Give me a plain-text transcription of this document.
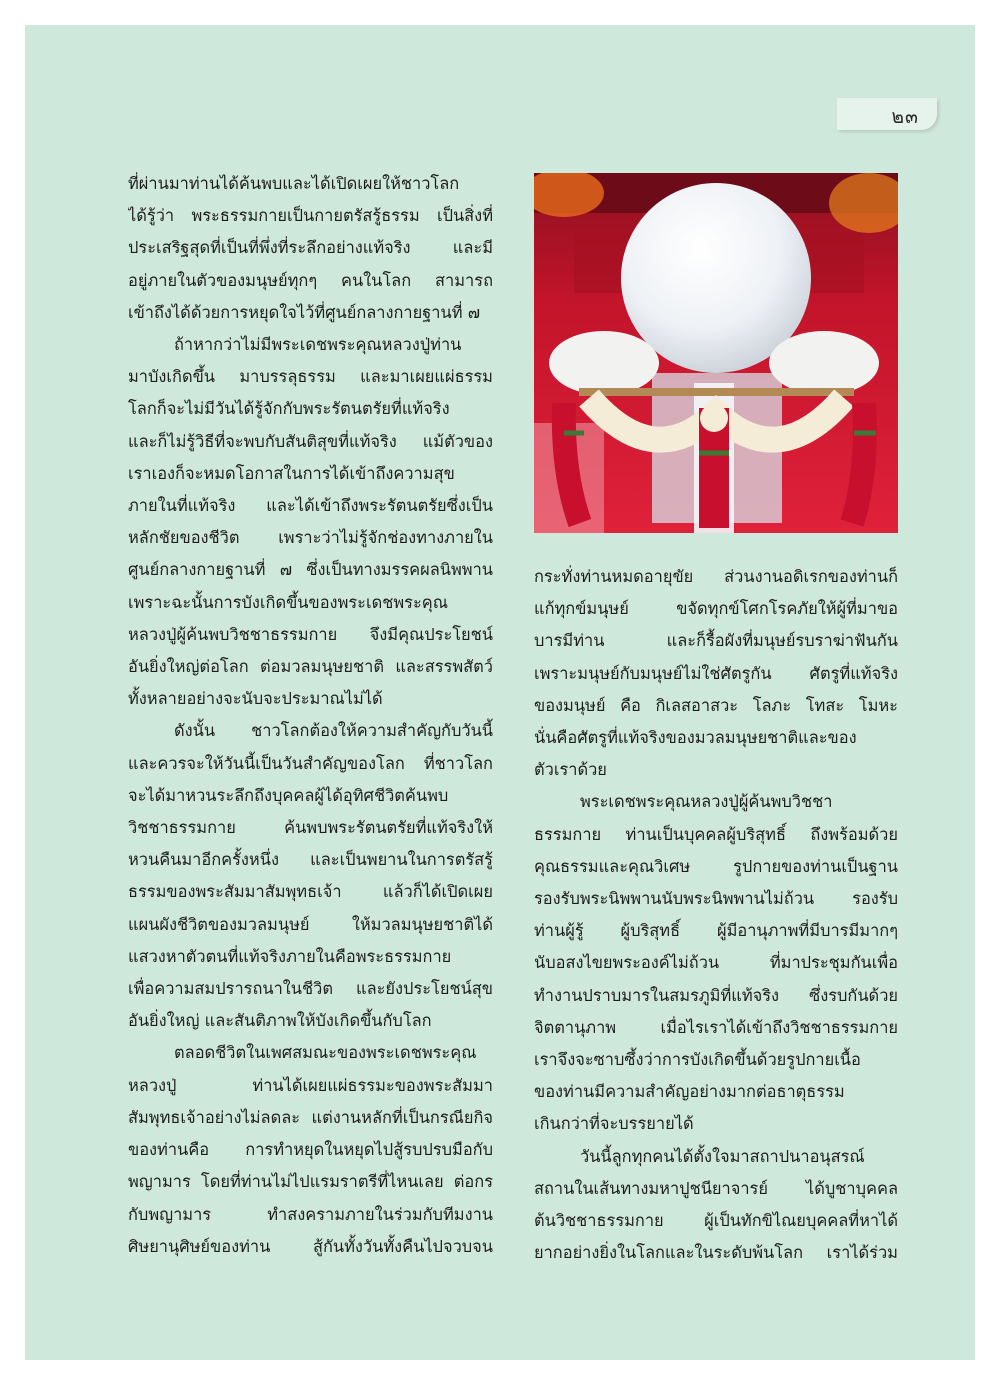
๒๓

ที่ผ่านมาท่านได้ค้นพบและได้เปิดเผยให้ชาวโลก

ได้รู้ว่า พระธรรมกายเป็นกายตรัสรู้ธรรม เป็นสิ่งที่

ประเสริฐสุดที่เป็นที่พึ่งที่ระลึกอย่างแท้จริง และมี

อยู่ภายในตัวของมนุษย์ทุกๆ คนในโลก สามารถ

เข้าถึงได้ด้วยการหยุดใจไว้ที่ศูนย์กลางกายฐานที่ ๗

ถ้าหากว่าไม่มีพระเดชพระคุณหลวงปู่ท่าน

มาบังเกิดขึ้น มาบรรลุธรรม และมาเผยแผ่ธรรม

โลกก็จะไม่มีวันได้รู้จักกับพระรัตนตรัยที่แท้จริง

และก็ไม่รู้วิธีที่จะพบกับสันติสุขที่แท้จริง แม้ตัวของ

เราเองก็จะหมดโอกาสในการได้เข้าถึงความสุข

ภายในที่แท้จริง และได้เข้าถึงพระรัตนตรัยซึ่งเป็น

หลักชัยของชีวิต เพราะว่าไม่รู้จักช่องทางภายใน

ศูนย์กลางกายฐานที่ ๗ ซึ่งเป็นทางมรรคผลนิพพาน

เพราะฉะนั้นการบังเกิดขึ้นของพระเดชพระคุณ

หลวงปู่ผู้ค้นพบวิชชาธรรมกาย จึงมีคุณประโยชน์

อันยิ่งใหญ่ต่อโลก ต่อมวลมนุษยชาติ และสรรพสัตว์

ทั้งหลายอย่างจะนับจะประมาณไม่ได้

ดังนั้น ชาวโลกต้องให้ความสำคัญกับวันนี้

และควรจะให้วันนี้เป็นวันสำคัญของโลก ที่ชาวโลก

จะได้มาหวนระลึกถึงบุคคลผู้ได้อุทิศชีวิตค้นพบ

วิชชาธรรมกาย ค้นพบพระรัตนตรัยที่แท้จริงให้

หวนคืนมาอีกครั้งหนึ่ง และเป็นพยานในการตรัสรู้

ธรรมของพระสัมมาสัมพุทธเจ้า แล้วก็ได้เปิดเผย

แผนผังชีวิตของมวลมนุษย์ ให้มวลมนุษยชาติได้

แสวงหาตัวตนที่แท้จริงภายในคือพระธรรมกาย

เพื่อความสมปรารถนาในชีวิต และยังประโยชน์สุข

อันยิ่งใหญ่ และสันติภาพให้บังเกิดขึ้นกับโลก

ตลอดชีวิตในเพศสมณะของพระเดชพระคุณ

หลวงปู่ ท่านได้เผยแผ่ธรรมะของพระสัมมา

สัมพุทธเจ้าอย่างไม่ลดละ แต่งานหลักที่เป็นกรณียกิจ

ของท่านคือ การทำหยุดในหยุดไปสู้รบปรบมือกับ

พญามาร โดยที่ท่านไม่ไปแรมราตรีที่ไหนเลย ต่อกร

กับพญามาร ทำสงครามภายในร่วมกับทีมงาน

ศิษยานุศิษย์ของท่าน สู้กันทั้งวันทั้งคืนไปจวบจน

กระทั่งท่านหมดอายุขัย ส่วนงานอดิเรกของท่านก็

แก้ทุกข์มนุษย์ ขจัดทุกข์โศกโรคภัยให้ผู้ที่มาขอ

บารมีท่าน และก็รื้อผังที่มนุษย์รบราฆ่าฟันกัน

เพราะมนุษย์กับมนุษย์ไม่ใช่ศัตรูกัน ศัตรูที่แท้จริง

ของมนุษย์ คือ กิเลสอาสวะ โลภะ โทสะ โมหะ

นั่นคือศัตรูที่แท้จริงของมวลมนุษยชาติและของ

ตัวเราด้วย

พระเดชพระคุณหลวงปู่ผู้ค้นพบวิชชา

ธรรมกาย ท่านเป็นบุคคลผู้บริสุทธิ์ ถึงพร้อมด้วย

คุณธรรมและคุณวิเศษ รูปกายของท่านเป็นฐาน

รองรับพระนิพพานนับพระนิพพานไม่ถ้วน รองรับ

ท่านผู้รู้ ผู้บริสุทธิ์ ผู้มีอานุภาพที่มีบารมีมากๆ

นับอสงไขยพระองค์ไม่ถ้วน ที่มาประชุมกันเพื่อ

ทำงานปราบมารในสมรภูมิที่แท้จริง ซึ่งรบกันด้วย

จิตตานุภาพ เมื่อไรเราได้เข้าถึงวิชชาธรรมกาย

เราจึงจะซาบซึ้งว่าการบังเกิดขึ้นด้วยรูปกายเนื้อ

ของท่านมีความสำคัญอย่างมากต่อธาตุธรรม

เกินกว่าที่จะบรรยายได้

วันนี้ลูกทุกคนได้ตั้งใจมาสถาปนาอนุสรณ์

สถานในเส้นทางมหาปูชนียาจารย์ ได้บูชาบุคคล

ต้นวิชชาธรรมกาย ผู้เป็นทักขิไณยบุคคลที่หาได้

ยากอย่างยิ่งในโลกและในระดับพ้นโลก เราได้ร่วม
